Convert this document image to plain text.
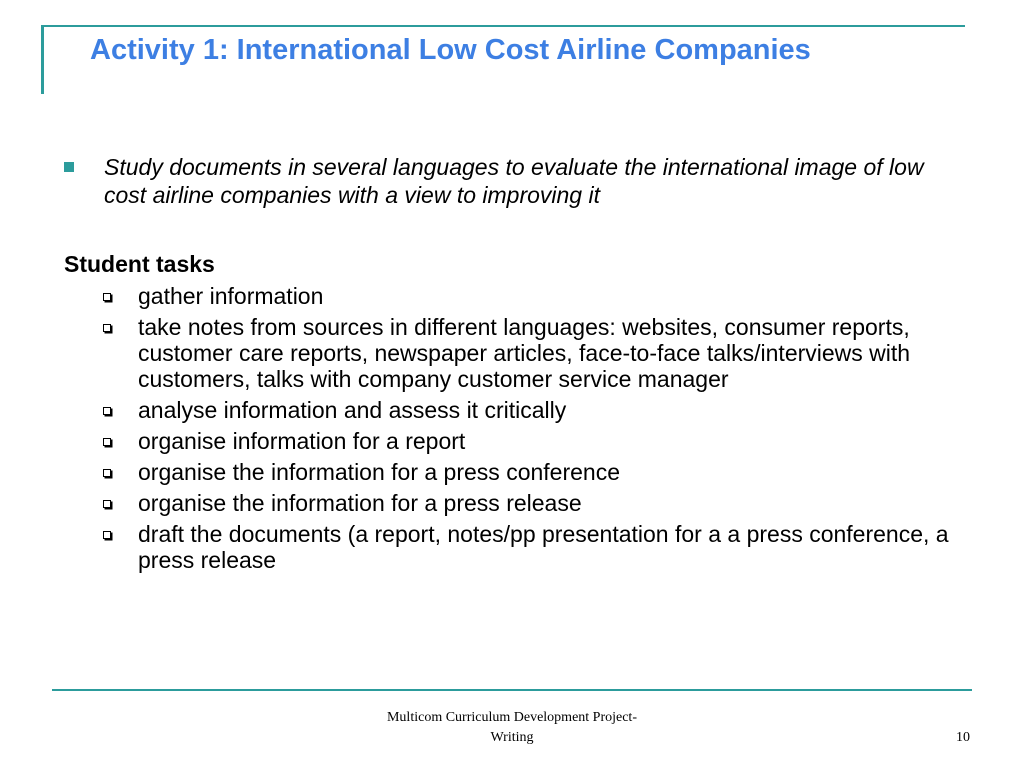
Activity 1: International Low Cost Airline Companies
Study documents in several languages to evaluate the international image of low cost airline companies with a view to improving it
Student tasks
gather information
take notes from sources in different languages: websites, consumer reports, customer care reports, newspaper articles, face-to-face talks/interviews with customers, talks with company customer service manager
analyse information and assess it critically
organise information for a report
organise the information for a press conference
organise the information for a press release
draft the documents (a report, notes/pp presentation for a a press conference, a press release
Multicom Curriculum Development Project-
Writing	10
